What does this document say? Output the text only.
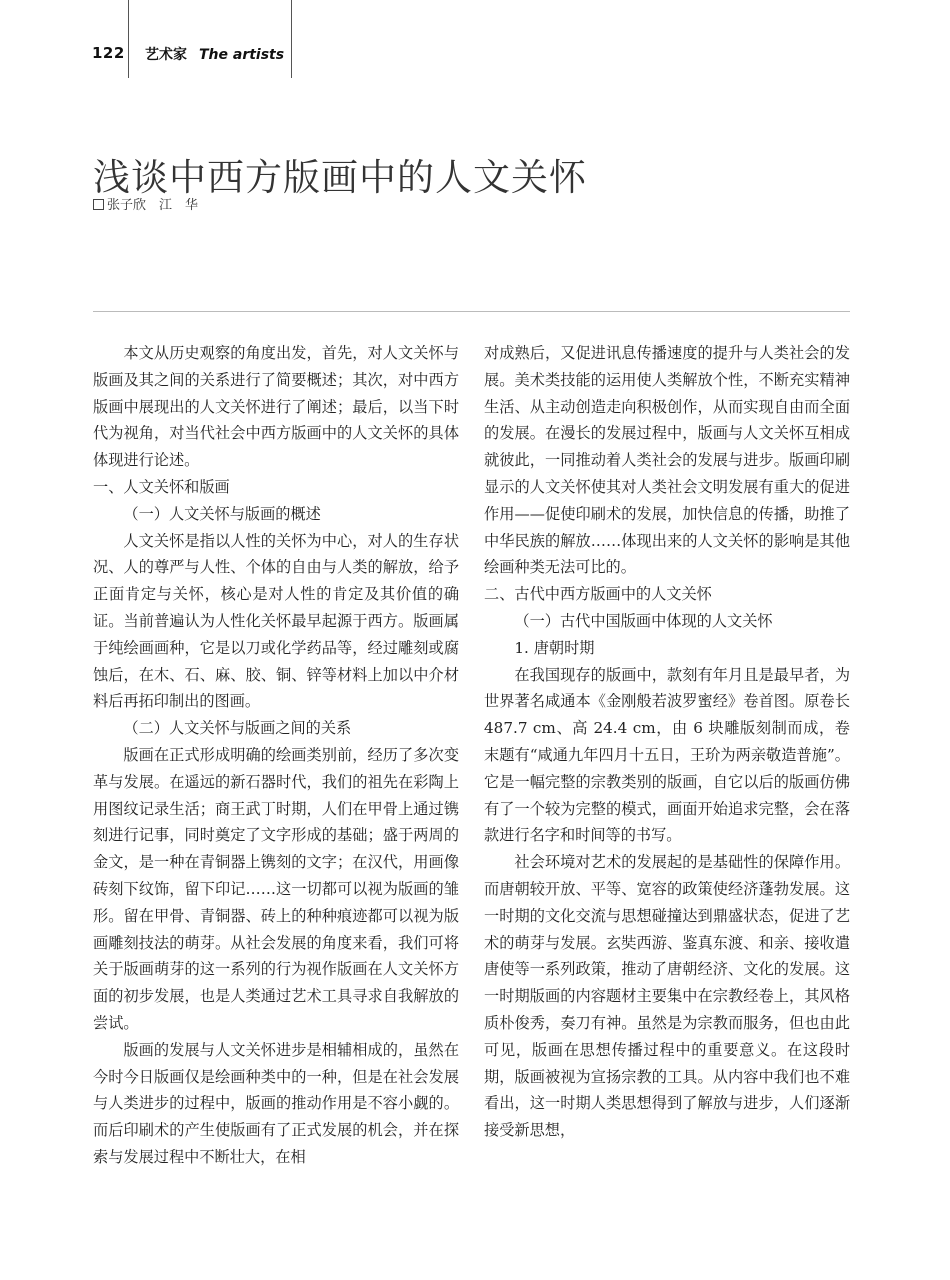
122 艺术家 The artists
浅谈中西方版画中的人文关怀
张子欣　江　华

本文从历史观察的角度出发，首先，对人文关怀与版画及其之间的关系进行了简要概述；其次，对中西方版画中展现出的人文关怀进行了阐述；最后，以当下时代为视角，对当代社会中西方版画中的人文关怀的具体体现进行论述。

一、人文关怀和版画

（一）人文关怀与版画的概述

人文关怀是指以人性的关怀为中心，对人的生存状况、人的尊严与人性、个体的自由与人类的解放，给予正面肯定与关怀，核心是对人性的肯定及其价值的确证。当前普遍认为人性化关怀最早起源于西方。版画属于纯绘画画种，它是以刀或化学药品等，经过雕刻或腐蚀后，在木、石、麻、胶、铜、锌等材料上加以中介材料后再拓印制出的图画。

（二）人文关怀与版画之间的关系

版画在正式形成明确的绘画类别前，经历了多次变革与发展。在遥远的新石器时代，我们的祖先在彩陶上用图纹记录生活；商王武丁时期，人们在甲骨上通过镌刻进行记事，同时奠定了文字形成的基础；盛于两周的金文，是一种在青铜器上镌刻的文字；在汉代，用画像砖刻下纹饰，留下印记……这一切都可以视为版画的雏形。留在甲骨、青铜器、砖上的种种痕迹都可以视为版画雕刻技法的萌芽。从社会发展的角度来看，我们可将关于版画萌芽的这一系列的行为视作版画在人文关怀方面的初步发展，也是人类通过艺术工具寻求自我解放的尝试。

版画的发展与人文关怀进步是相辅相成的，虽然在今时今日版画仅是绘画种类中的一种，但是在社会发展与人类进步的过程中，版画的推动作用是不容小觑的。而后印刷术的产生使版画有了正式发展的机会，并在探索与发展过程中不断壮大，在相

对成熟后，又促进讯息传播速度的提升与人类社会的发展。美术类技能的运用使人类解放个性，不断充实精神生活、从主动创造走向积极创作，从而实现自由而全面的发展。在漫长的发展过程中，版画与人文关怀互相成就彼此，一同推动着人类社会的发展与进步。版画印刷显示的人文关怀使其对人类社会文明发展有重大的促进作用——促使印刷术的发展，加快信息的传播，助推了中华民族的解放……体现出来的人文关怀的影响是其他绘画种类无法可比的。

二、古代中西方版画中的人文关怀

（一）古代中国版画中体现的人文关怀

1. 唐朝时期

在我国现存的版画中，款刻有年月且是最早者，为世界著名咸通本《金刚般若波罗蜜经》卷首图。原卷长 487.7 cm、高 24.4 cm，由 6 块雕版刻制而成，卷末题有“咸通九年四月十五日，王玠为两亲敬造普施”。它是一幅完整的宗教类别的版画，自它以后的版画仿佛有了一个较为完整的模式，画面开始追求完整，会在落款进行名字和时间等的书写。

社会环境对艺术的发展起的是基础性的保障作用。而唐朝较开放、平等、宽容的政策使经济蓬勃发展。这一时期的文化交流与思想碰撞达到鼎盛状态，促进了艺术的萌芽与发展。玄奘西游、鉴真东渡、和亲、接收遣唐使等一系列政策，推动了唐朝经济、文化的发展。这一时期版画的内容题材主要集中在宗教经卷上，其风格质朴俊秀，奏刀有神。虽然是为宗教而服务，但也由此可见，版画在思想传播过程中的重要意义。在这段时期，版画被视为宣扬宗教的工具。从内容中我们也不难看出，这一时期人类思想得到了解放与进步，人们逐渐接受新思想，
